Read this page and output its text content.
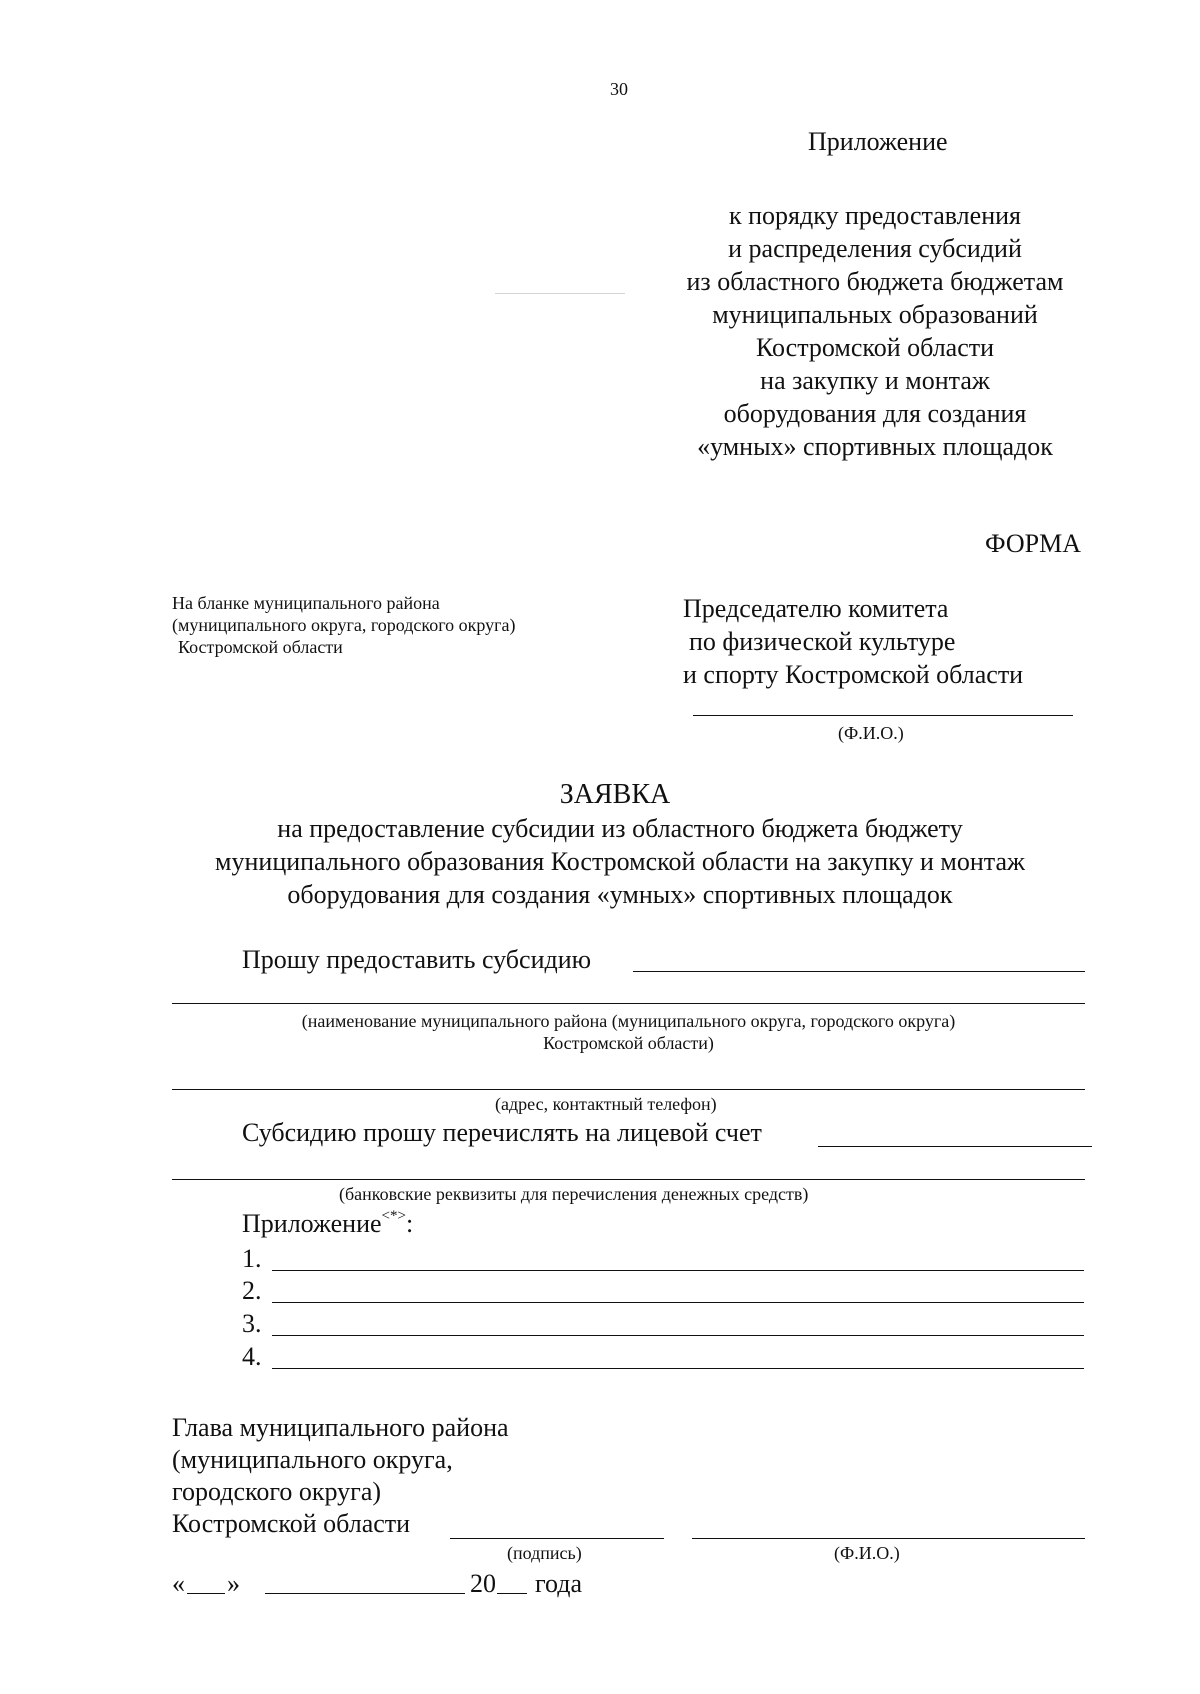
30
Приложение
к порядку предоставления
и распределения субсидий
из областного бюджета бюджетам
муниципальных образований
Костромской области
на закупку и монтаж
оборудования для создания
«умных» спортивных площадок
ФОРМА
На бланке муниципального района
(муниципального округа, городского округа)
Костромской области
Председателю комитета
по физической культуре
и спорту Костромской области
(Ф.И.О.)
ЗАЯВКА
на предоставление субсидии из областного бюджета бюджету
муниципального образования Костромской области на закупку и монтаж
оборудования для создания «умных» спортивных площадок
Прошу предоставить субсидию
(наименование муниципального района (муниципального округа, городского округа)
Костромской области)
(адрес, контактный телефон)
Субсидию прошу перечислять на лицевой счет
(банковские реквизиты для перечисления денежных средств)
Приложение<*>:
1.
2.
3.
4.
Глава муниципального района
(муниципального округа,
городского округа)
Костромской области
(подпись)	(Ф.И.О.)
« »	20 года
